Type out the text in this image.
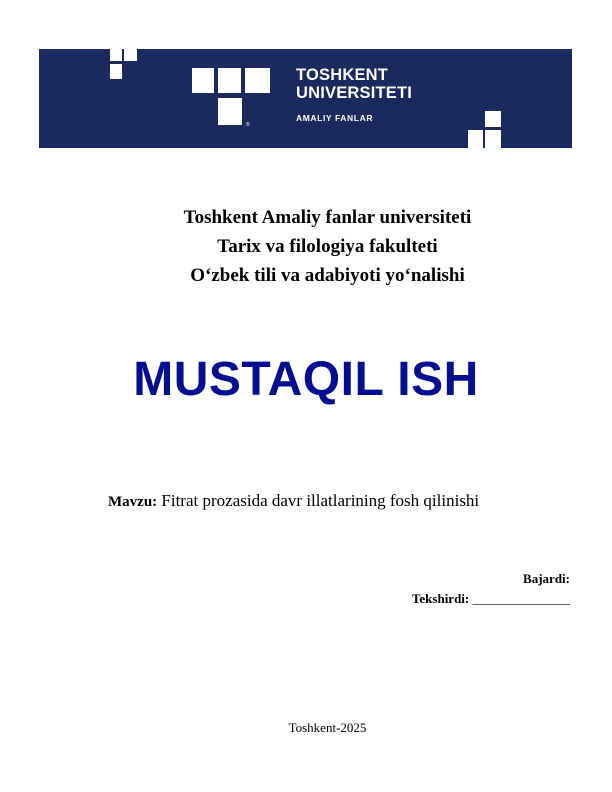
®
TOSHKENT
UNIVERSITETI
AMALIY FANLAR
Toshkent Amaliy fanlar universiteti
Tarix va filologiya fakulteti
O‘zbek tili va adabiyoti yo‘nalishi
MUSTAQIL ISH
Mavzu: Fitrat prozasida davr illatlarining fosh qilinishi
Bajardi:
Tekshirdi: _______________
Toshkent-2025
